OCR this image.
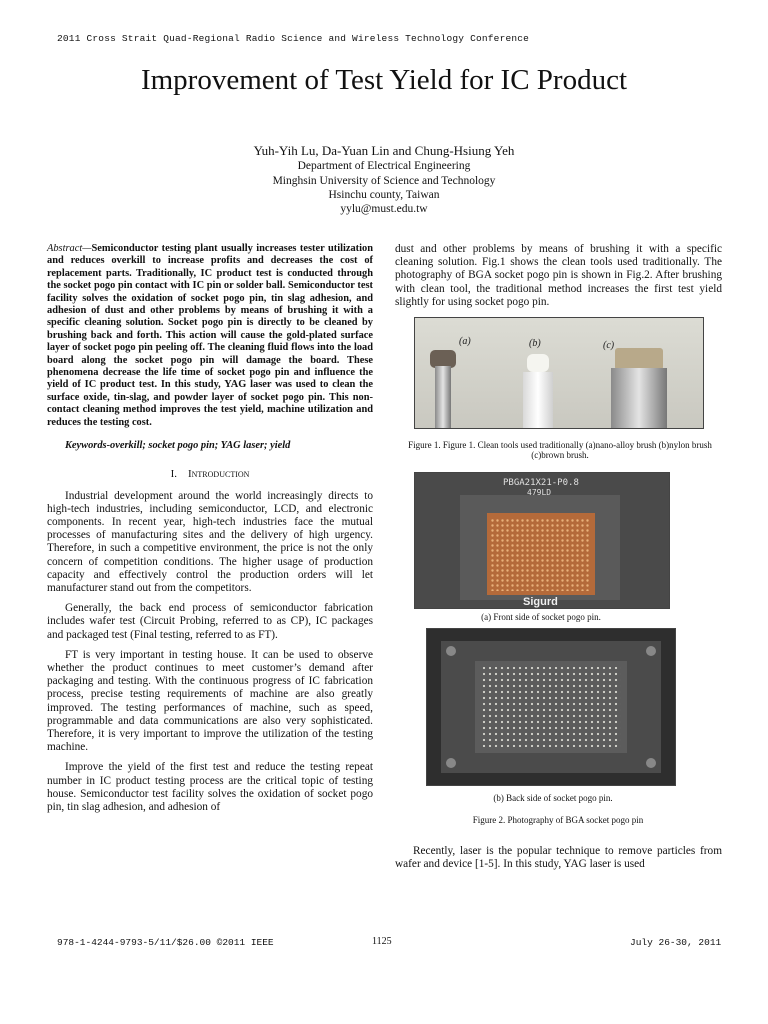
2011 Cross Strait Quad-Regional Radio Science and Wireless Technology Conference
Improvement of Test Yield for IC Product
Yuh-Yih Lu, Da-Yuan Lin and Chung-Hsiung Yeh
Department of Electrical Engineering
Minghsin University of Science and Technology
Hsinchu county, Taiwan
yylu@must.edu.tw

Abstract—Semiconductor testing plant usually increases tester utilization and reduces overkill to increase profits and decreases the cost of replacement parts. Traditionally, IC product test is conducted through the socket pogo pin contact with IC pin or solder ball. Semiconductor test facility solves the oxidation of socket pogo pin, tin slag adhesion, and adhesion of dust and other problems by means of brushing it with a specific cleaning solution. Socket pogo pin is directly to be cleaned by brushing back and forth. This action will cause the gold-plated surface layer of socket pogo pin peeling off. The cleaning fluid flows into the load board along the socket pogo pin will damage the board. These phenomena decrease the life time of socket pogo pin and influence the yield of IC product test. In this study, YAG laser was used to clean the surface oxide, tin-slag, and powder layer of socket pogo pin. This non-contact cleaning method improves the test yield, machine utilization and reduces the testing cost.

Keywords-overkill; socket pogo pin; YAG laser; yield

I. Introduction

Industrial development around the world increasingly directs to high-tech industries, including semiconductor, LCD, and electronic components. In recent year, high-tech industries face the mutual processes of manufacturing sites and the delivery of high urgency. Therefore, in such a competitive environment, the price is not the only concern of competition conditions. The higher usage of production capacity and effectively control the production orders will let manufacturer stand out from the competitors.

Generally, the back end process of semiconductor fabrication includes wafer test (Circuit Probing, referred to as CP), IC packages and packaged test (Final testing, referred to as FT).

FT is very important in testing house. It can be used to observe whether the product continues to meet customer’s demand after packaging and testing. With the continuous progress of IC fabrication process, precise testing requirements of machine are also greatly improved. The testing performances of machine, such as speed, programmable and data communications are also very sophisticated. Therefore, it is very important to improve the utilization of the testing machine.

Improve the yield of the first test and reduce the testing repeat number in IC product testing process are the critical topic of testing house. Semiconductor test facility solves the oxidation of socket pogo pin, tin slag adhesion, and adhesion of

dust and other problems by means of brushing it with a specific cleaning solution. Fig.1 shows the clean tools used traditionally. The photography of BGA socket pogo pin is shown in Fig.2. After brushing with clean tool, the traditional method increases the first test yield slightly for using socket pogo pin.

(a)	(b)	(c)
Figure 1. Figure 1. Clean tools used traditionally (a)nano-alloy brush (b)nylon brush (c)brown brush.
PBGA21X21-P0.8
479LD
Sigurd
(a) Front side of socket pogo pin.
(b) Back side of socket pogo pin.
Figure 2. Photography of BGA socket pogo pin

Recently, laser is the popular technique to remove particles from wafer and device [1-5]. In this study, YAG laser is used

978-1-4244-9793-5/11/$26.00 ©2011 IEEE	1125	July 26-30, 2011
